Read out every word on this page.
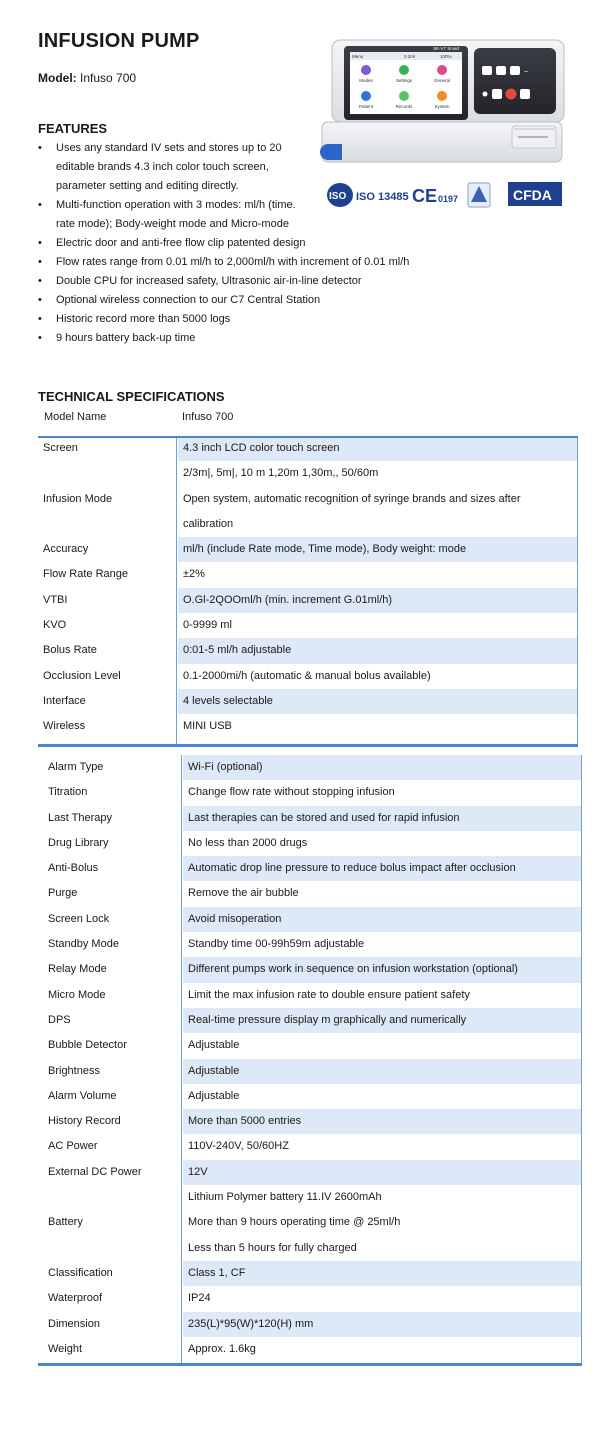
INFUSION PUMP
Model: Infuso 700
FEATURES
• Uses any standard IV sets and stores up to 20
editable brands 4.3 inch color touch screen,
parameter setting and editing directly.
• Multi-function operation with 3 modes: ml/h (time.
rate mode); Body-weight mode and Micro-mode
• Electric door and anti-free flow clip patented design
• Flow rates range from 0.01 ml/h to 2,000ml/h with increment of 0.01 ml/h
• Double CPU for increased safety, Ultrasonic air-in-line detector
• Optional wireless connection to our C7 Central Station
• Historic record more than 5000 logs
• 9 hours battery back-up time
SK-V7 Smart
Menu	0.2ml	100%
Modes	Settings	General
Patient	Records	System
~
ISO ISO 13485 CE 0197	CFDA
TECHNICAL SPECIFICATIONS
Model Name	Infuso 700
Screen	4.3 inch LCD color touch screen
2/3m|, 5m|, 10 m 1,20m 1,30m,, 50/60m
Infusion Mode	Open system, automatic recognition of syringe brands and sizes after
calibration
Accuracy	ml/h (include Rate mode, Time mode), Body weight: mode
Flow Rate Range	±2%
VTBI	O.Gl-2QOOml/h (min. increment G.01ml/h)
KVO	0-9999 ml
Bolus Rate	0:01-5 ml/h adjustable
Occlusion Level	0.1-2000mi/h (automatic & manual bolus available)
Interface	4 levels selectable
Wireless	MINI USB
Alarm Type	Wi-Fi (optional)
Titration	Change flow rate without stopping infusion
Last Therapy	Last therapies can be stored and used for rapid infusion
Drug Library	No less than 2000 drugs
Anti-Bolus	Automatic drop line pressure to reduce bolus impact after occlusion
Purge	Remove the air bubble
Screen Lock	Avoid misoperation
Standby Mode	Standby time 00-99h59m adjustable
Relay Mode	Different pumps work in sequence on infusion workstation (optional)
Micro Mode	Limit the max infusion rate to double ensure patient safety
DPS	Real-time pressure display m graphically and numerically
Bubble Detector	Adjustable
Brightness	Adjustable
Alarm Volume	Adjustable
History Record	More than 5000 entries
AC Power	110V-240V, 50/60HZ
External DC Power	12V
Battery
Lithium Polymer battery 11.IV 2600mAh
More than 9 hours operating time @ 25ml/h
Less than 5 hours for fully charged
Classification	Class 1, CF
Waterproof	IP24
Dimension	235(L)*95(W)*120(H) mm
Weight	Approx. 1.6kg
